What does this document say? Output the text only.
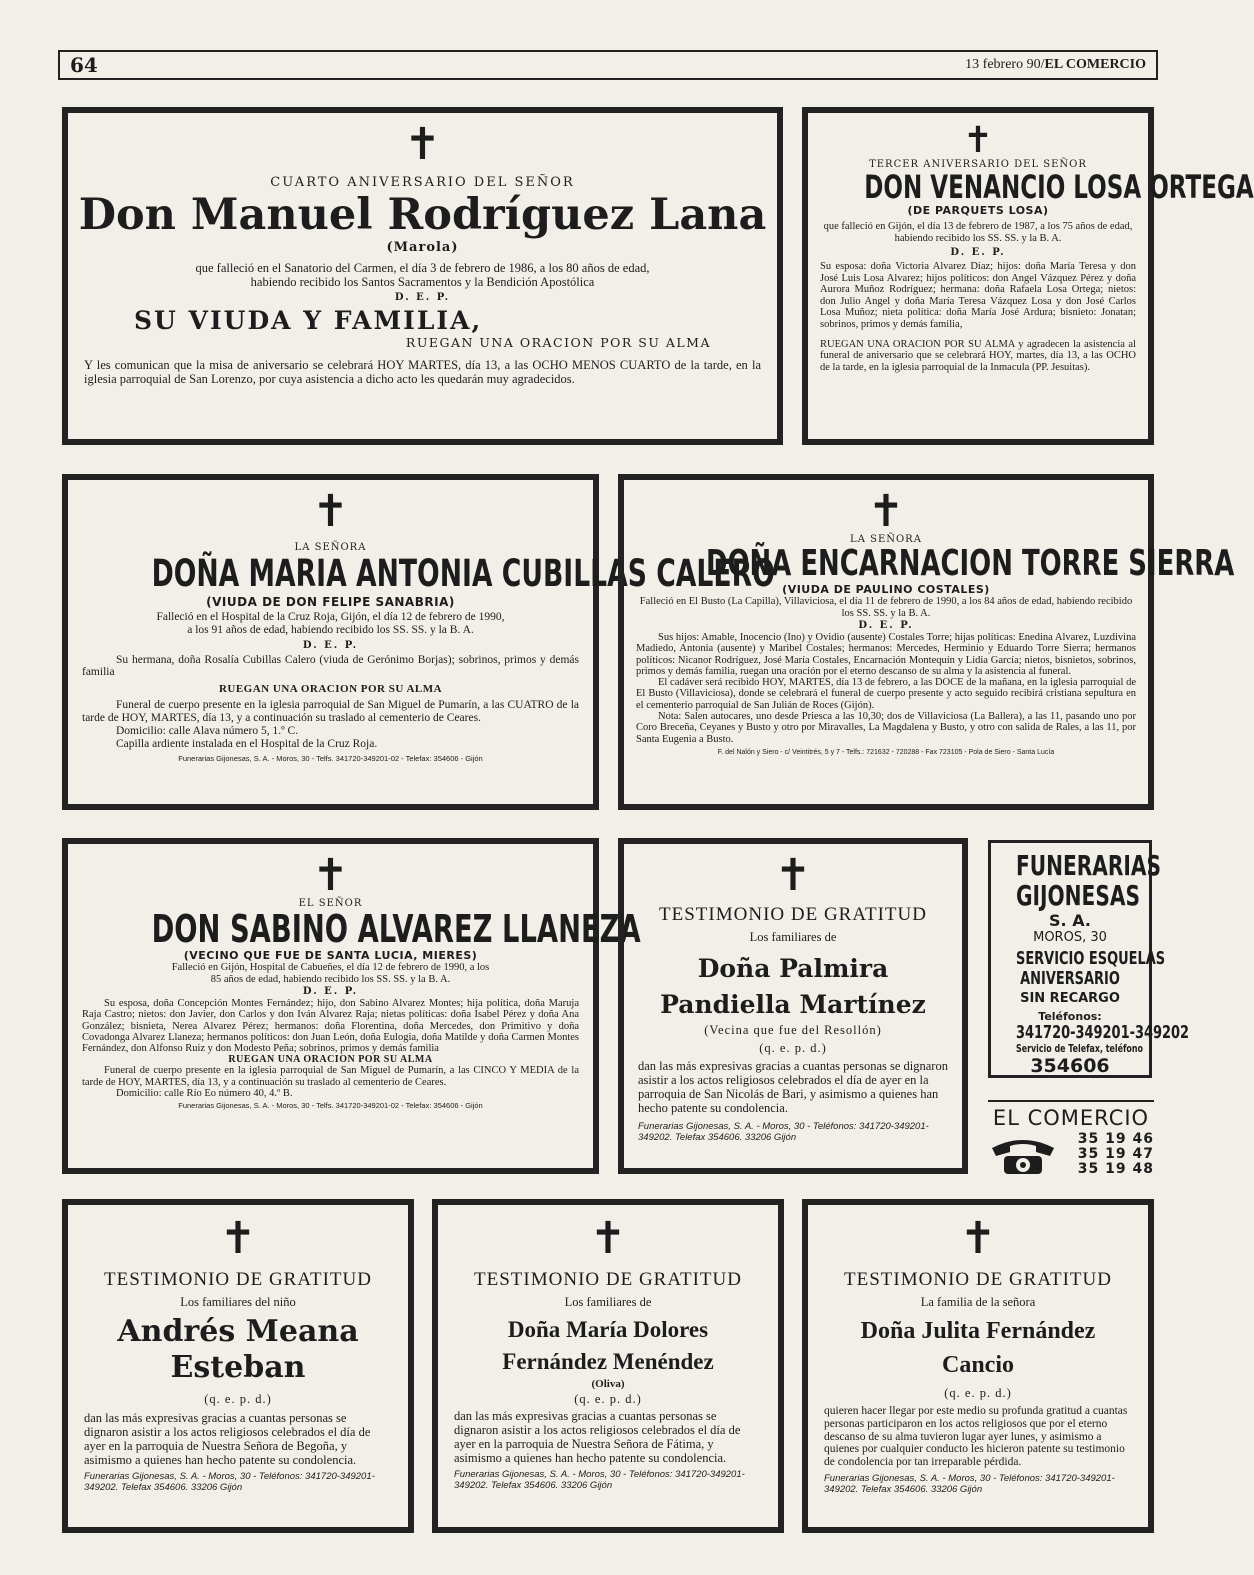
64	13 febrero 90/EL COMERCIO
✝
CUARTO ANIVERSARIO DEL SEÑOR
Don Manuel Rodríguez Lana
(Marola)
que falleció en el Sanatorio del Carmen, el día 3 de febrero de 1986, a los 80 años de edad,
habiendo recibido los Santos Sacramentos y la Bendición Apostólica
D. E. P.
SU VIUDA Y FAMILIA,
RUEGAN UNA ORACION POR SU ALMA
Y les comunican que la misa de aniversario se celebrará HOY MARTES, día 13, a las OCHO MENOS CUARTO de la tarde, en la iglesia parroquial de San Lorenzo, por cuya asistencia a dicho acto les quedarán muy agradecidos.
✝
TERCER ANIVERSARIO DEL SEÑOR
DON VENANCIO LOSA ORTEGA
(DE PARQUETS LOSA)
que falleció en Gijón, el día 13 de febrero de 1987, a los 75 años de edad, habiendo recibido los SS. SS. y la B. A.
D. E. P.
Su esposa: doña Victoria Alvarez Díaz; hijos: doña María Teresa y don José Luis Losa Alvarez; hijos políticos: don Angel Vázquez Pérez y doña Aurora Muñoz Rodríguez; hermana: doña Rafaela Losa Ortega; nietos: don Julio Angel y doña María Teresa Vázquez Losa y don José Carlos Losa Muñoz; nieta política: doña María José Ardura; bisnieto: Jonatan; sobrinos, primos y demás familia,
RUEGAN UNA ORACION POR SU ALMA y agradecen la asistencia al funeral de aniversario que se celebrará HOY, martes, día 13, a las OCHO de la tarde, en la iglesia parroquial de la Inmacula (PP. Jesuitas).
✝
LA SEÑORA
DOÑA MARIA ANTONIA CUBILLAS CALERO
(VIUDA DE DON FELIPE SANABRIA)
Falleció en el Hospital de la Cruz Roja, Gijón, el día 12 de febrero de 1990,
a los 91 años de edad, habiendo recibido los SS. SS. y la B. A.
D. E. P.
Su hermana, doña Rosalía Cubillas Calero (viuda de Gerónimo Borjas); sobrinos, primos y demás familia
RUEGAN UNA ORACION POR SU ALMA
Funeral de cuerpo presente en la iglesia parroquial de San Miguel de Pumarín, a las CUATRO de la tarde de HOY, MARTES, día 13, y a continuación su traslado al cementerio de Ceares.
Domicilio: calle Alava número 5, 1.º C.
Capilla ardiente instalada en el Hospital de la Cruz Roja.
Funerarias Gijonesas, S. A. - Moros, 30 - Telfs. 341720-349201-02 - Telefax: 354606 - Gijón
✝
LA SEÑORA
DOÑA ENCARNACION TORRE SIERRA
(VIUDA DE PAULINO COSTALES)
Falleció en El Busto (La Capilla), Villaviciosa, el día 11 de febrero de 1990, a los 84 años de edad, habiendo recibido los SS. SS. y la B. A.
D. E. P.
Sus hijos: Amable, Inocencio (Ino) y Ovidio (ausente) Costales Torre; hijas políticas: Enedina Alvarez, Luzdivina Madiedo, Antonia (ausente) y Maribel Costales; hermanos: Mercedes, Herminio y Eduardo Torre Sierra; hermanos políticos: Nicanor Rodríguez, José María Costales, Encarnación Montequín y Lidia García; nietos, bisnietos, sobrinos, primos y demás familia, ruegan una oración por el eterno descanso de su alma y la asistencia al funeral.
El cadáver será recibido HOY, MARTES, día 13 de febrero, a las DOCE de la mañana, en la iglesia parroquial de El Busto (Villaviciosa), donde se celebrará el funeral de cuerpo presente y acto seguido recibirá cristiana sepultura en el cementerio parroquial de San Julián de Roces (Gijón).
Nota: Salen autocares, uno desde Priesca a las 10,30; dos de Villaviciosa (La Ballera), a las 11, pasando uno por Coro Breceña, Ceyanes y Busto y otro por Miravalles, La Magdalena y Busto, y otro con salida de Rales, a las 11, por Santa Eugenia a Busto.
F. del Nalón y Siero - c/ Veintitrés, 5 y 7 - Telfs.: 721632 - 720288 - Fax 723105 - Pola de Siero - Santa Lucía
✝
EL SEÑOR
DON SABINO ALVAREZ LLANEZA
(VECINO QUE FUE DE SANTA LUCIA, MIERES)
Falleció en Gijón, Hospital de Cabueñes, el día 12 de febrero de 1990, a los
85 años de edad, habiendo recibido los SS. SS. y la B. A.
D. E. P.
Su esposa, doña Concepción Montes Fernández; hijo, don Sabino Alvarez Montes; hija política, doña Maruja Raja Castro; nietos: don Javier, don Carlos y don Iván Alvarez Raja; nietas políticas: doña Isabel Pérez y doña Ana González; bisnieta, Nerea Alvarez Pérez; hermanos: doña Florentina, doña Mercedes, don Primitivo y doña Covadonga Alvarez Llaneza; hermanos políticos: don Juan León, doña Eulogia, doña Matilde y doña Carmen Montes Fernández, don Alfonso Ruiz y don Modesto Peña; sobrinos, primos y demás familia
RUEGAN UNA ORACION POR SU ALMA
Funeral de cuerpo presente en la iglesia parroquial de San Miguel de Pumarín, a las CINCO Y MEDIA de la tarde de HOY, MARTES, día 13, y a continuación su traslado al cementerio de Ceares.
Domicilio: calle Río Eo número 40, 4.º B.
Funerarias Gijonesas, S. A. - Moros, 30 - Telfs. 341720-349201-02 - Telefax: 354606 - Gijón
✝
TESTIMONIO DE GRATITUD
Los familiares de
Doña Palmira Pandiella Martínez
(Vecina que fue del Resollón)
(q. e. p. d.)
dan las más expresivas gracias a cuantas personas se dignaron asistir a los actos religiosos celebrados el día de ayer en la parroquia de San Nicolás de Bari, y asimismo a quienes han hecho patente su condolencia.
Funerarias Gijonesas, S. A. - Moros, 30 - Teléfonos: 341720-349201-349202. Telefax 354606. 33206 Gijón
FUNERARIAS
GIJONESAS
S. A.
MOROS, 30
SERVICIO ESQUELAS
ANIVERSARIO
SIN RECARGO
Teléfonos:
341720-349201-349202
Servicio de Telefax, teléfono
354606
EL COMERCIO
35 19 46
35 19 47
35 19 48
✝
TESTIMONIO DE GRATITUD
Los familiares del niño
Andrés Meana Esteban
(q. e. p. d.)
dan las más expresivas gracias a cuantas personas se dignaron asistir a los actos religiosos celebrados el día de ayer en la parroquia de Nuestra Señora de Begoña, y asimismo a quienes han hecho patente su condolencia.
Funerarias Gijonesas, S. A. - Moros, 30 - Teléfonos: 341720-349201-349202. Telefax 354606. 33206 Gijón
✝
TESTIMONIO DE GRATITUD
Los familiares de
Doña María Dolores Fernández Menéndez
(Oliva)
(q. e. p. d.)
dan las más expresivas gracias a cuantas personas se dignaron asistir a los actos religiosos celebrados el día de ayer en la parroquia de Nuestra Señora de Fátima, y asimismo a quienes han hecho patente su condolencia.
Funerarias Gijonesas, S. A. - Moros, 30 - Teléfonos: 341720-349201-349202. Telefax 354606. 33206 Gijón
✝
TESTIMONIO DE GRATITUD
La familia de la señora
Doña Julita Fernández Cancio
(q. e. p. d.)
quieren hacer llegar por este medio su profunda gratitud a cuantas personas participaron en los actos religiosos que por el eterno descanso de su alma tuvieron lugar ayer lunes, y asimismo a quienes por cualquier conducto les hicieron patente su testimonio de condolencia por tan irreparable pérdida.
Funerarias Gijonesas, S. A. - Moros, 30 - Teléfonos: 341720-349201-349202. Telefax 354606. 33206 Gijón
